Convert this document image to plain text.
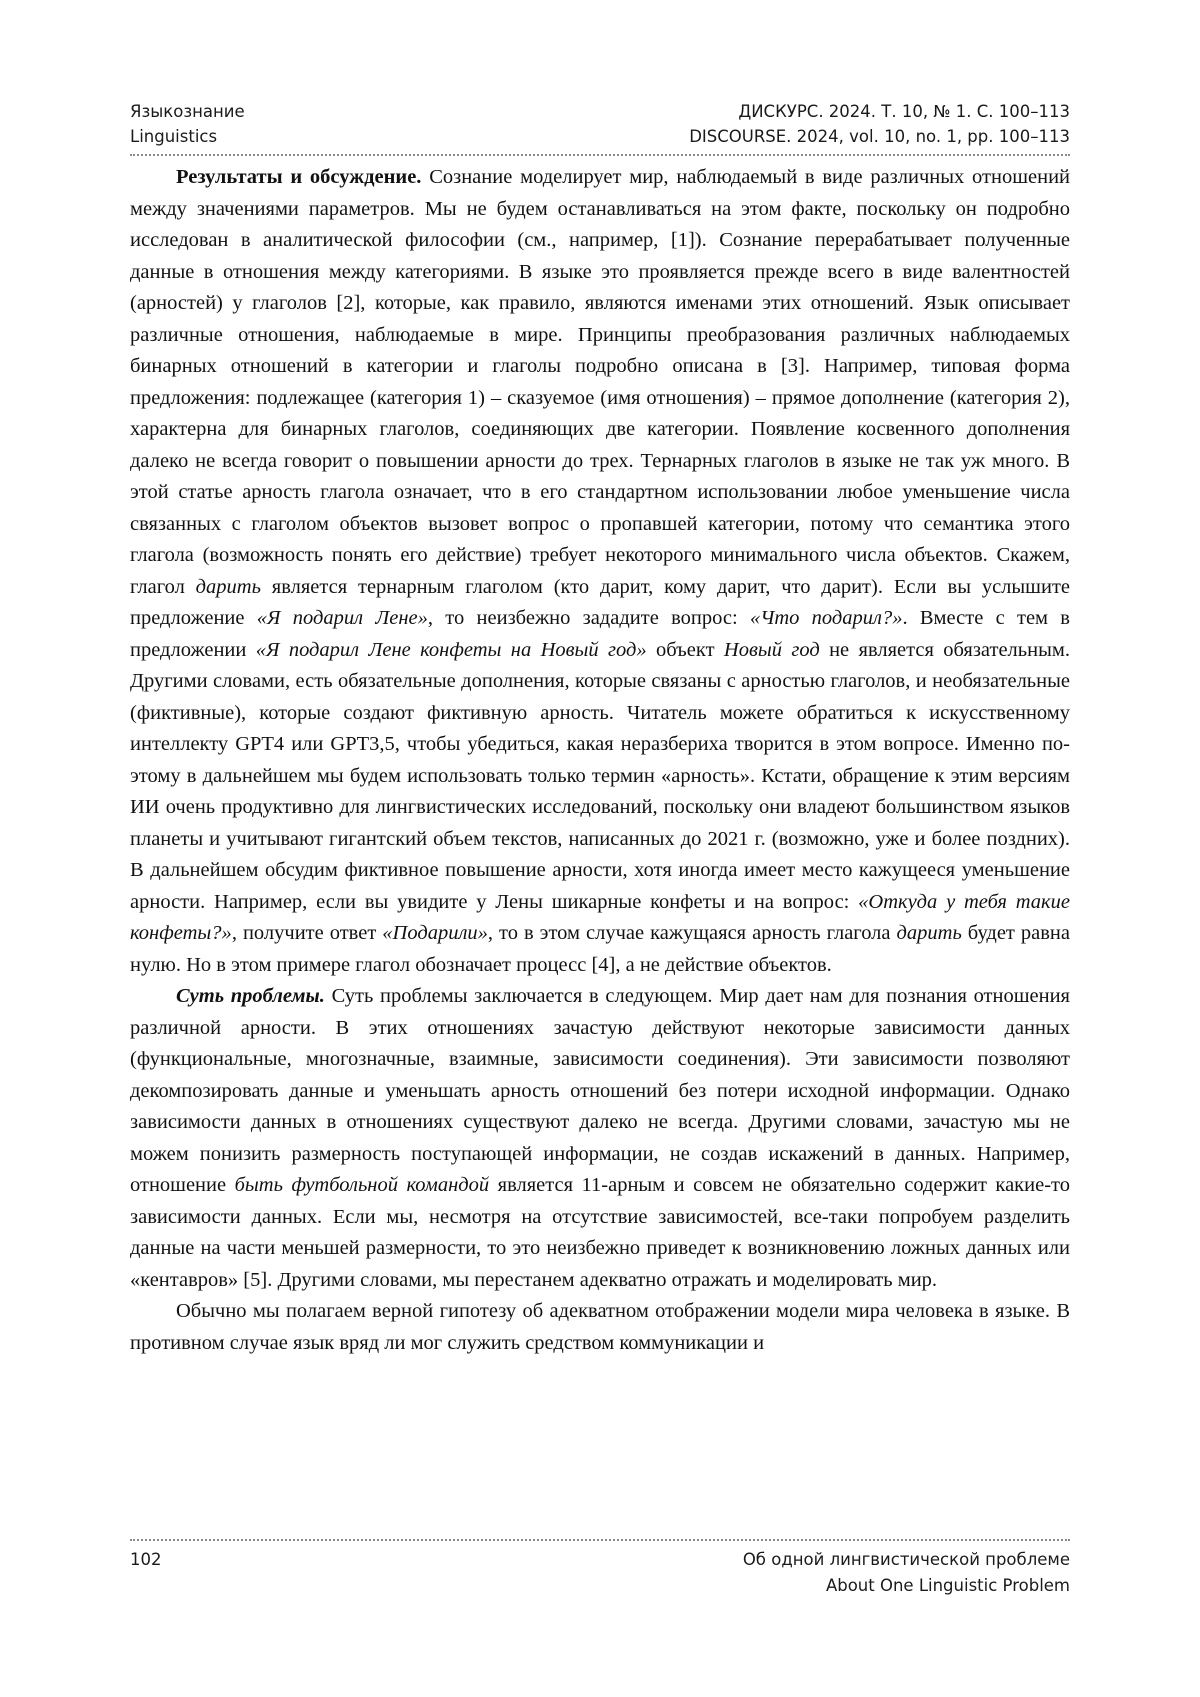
Языкознание
Linguistics
ДИСКУРС. 2024. Т. 10, № 1. С. 100–113
DISCOURSE. 2024, vol. 10, no. 1, pp. 100–113

Результаты и обсуждение. Сознание моделирует мир, наблюдаемый в виде различных отношений между значениями параметров. Мы не будем останавливаться на этом факте, поскольку он подробно исследован в аналитической философии (см., например, [1]). Сознание перерабатывает полученные данные в отношения между категориями. В языке это проявляется прежде всего в виде валентностей (арностей) у глаголов [2], которые, как правило, являются именами этих отношений. Язык описывает различные отношения, наблюдаемые в мире. Принципы преобразования различных наблюдаемых бинарных отношений в категории и глаголы подробно описана в [3]. Например, типовая форма предложения: подлежащее (категория 1) – сказуемое (имя отношения) – прямое дополнение (категория 2), характерна для бинарных глаголов, соединяющих две категории. Появление косвенного дополнения далеко не всегда говорит о повышении арности до трех. Тернарных глаголов в языке не так уж много. В этой статье арность глагола означает, что в его стандартном использовании любое уменьшение числа связанных с глаголом объектов вызовет вопрос о пропавшей категории, потому что семантика этого глагола (возможность понять его действие) требует некоторого минимального числа объектов. Скажем, глагол дарить является тернарным глаголом (кто дарит, кому дарит, что дарит). Если вы услышите предложение «Я подарил Лене», то неизбежно зададите вопрос: «Что подарил?». Вместе с тем в предложении «Я подарил Лене конфеты на Новый год» объект Новый год не является обязательным. Другими словами, есть обязательные дополнения, которые связаны с арностью глаголов, и необязательные (фиктивные), которые создают фиктивную арность. Читатель можете обратиться к искусственному интеллекту GPT4 или GPT3,5, чтобы убедиться, какая неразбериха творится в этом вопросе. Именно поэтому в дальнейшем мы будем использовать только термин «арность». Кстати, обращение к этим версиям ИИ очень продуктивно для лингвистических исследований, поскольку они владеют большинством языков планеты и учитывают гигантский объем текстов, написанных до 2021 г. (возможно, уже и более поздних). В дальнейшем обсудим фиктивное повышение арности, хотя иногда имеет место кажущееся уменьшение арности. Например, если вы увидите у Лены шикарные конфеты и на вопрос: «Откуда у тебя такие конфеты?», получите ответ «Подарили», то в этом случае кажущаяся арность глагола дарить будет равна нулю. Но в этом примере глагол обозначает процесс [4], а не действие объектов.

Суть проблемы. Суть проблемы заключается в следующем. Мир дает нам для познания отношения различной арности. В этих отношениях зачастую действуют некоторые зависимости данных (функциональные, многозначные, взаимные, зависимости соединения). Эти зависимости позволяют декомпозировать данные и уменьшать арность отношений без потери исходной информации. Однако зависимости данных в отношениях существуют далеко не всегда. Другими словами, зачастую мы не можем понизить размерность поступающей информации, не создав искажений в данных. Например, отношение быть футбольной командой является 11-арным и совсем не обязательно содержит какие-то зависимости данных. Если мы, несмотря на отсутствие зависимостей, все-таки попробуем разделить данные на части меньшей размерности, то это неизбежно приведет к возникновению ложных данных или «кентавров» [5]. Другими словами, мы перестанем адекватно отражать и моделировать мир.

Обычно мы полагаем верной гипотезу об адекватном отображении модели мира человека в языке. В противном случае язык вряд ли мог служить средством коммуникации и

102	Об одной лингвистической проблеме
About One Linguistic Problem
